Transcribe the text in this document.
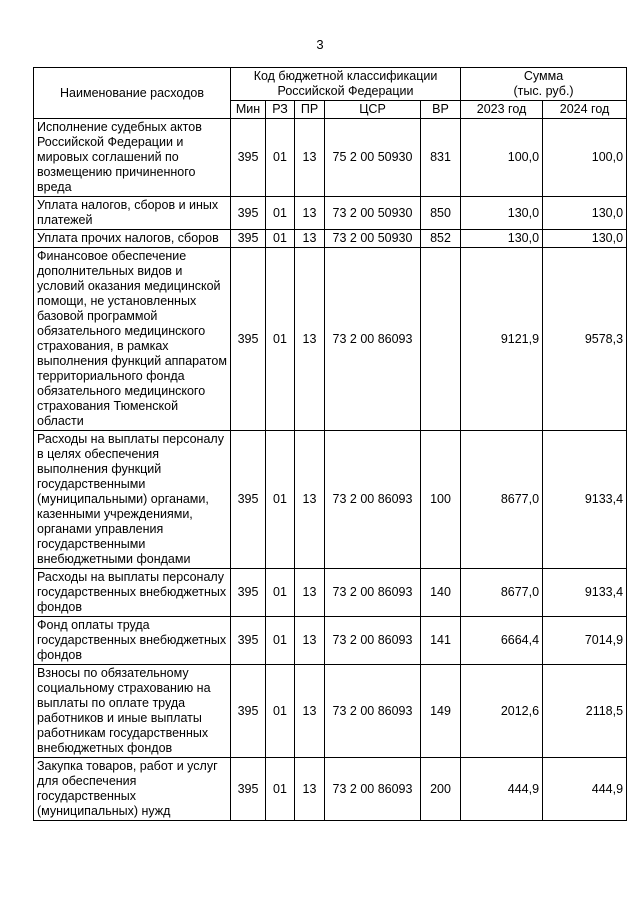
3
Наименование расходов	Код бюджетной классификации Российской Федерации					Сумма
(тыс. руб.)	

	Мин	РЗ	ПР	ЦСР	ВР	2023 год	2024 год
Исполнение судебных актов Российской Федерации и мировых соглашений по возмещению причиненного вреда	395	01	13	75 2 00 50930	831	100,0	100,0
Уплата налогов, сборов и иных платежей	395	01	13	73 2 00 50930	850	130,0	130,0
Уплата прочих налогов, сборов	395	01	13	73 2 00 50930	852	130,0	130,0
Финансовое обеспечение дополнительных видов и условий оказания медицинской помощи, не установленных базовой программой обязательного медицинского страхования, в рамках выполнения функций аппаратом территориального фонда обязательного медицинского страхования Тюменской области	395	01	13	73 2 00 86093		9121,9	9578,3
Расходы на выплаты персоналу в целях обеспечения выполнения функций государственными (муниципальными) органами, казенными учреждениями, органами управления государственными внебюджетными фондами	395	01	13	73 2 00 86093	100	8677,0	9133,4
Расходы на выплаты персоналу государственных внебюджетных фондов	395	01	13	73 2 00 86093	140	8677,0	9133,4
Фонд оплаты труда государственных внебюджетных фондов	395	01	13	73 2 00 86093	141	6664,4	7014,9
Взносы по обязательному социальному страхованию на выплаты по оплате труда работников и иные выплаты работникам государственных внебюджетных фондов	395	01	13	73 2 00 86093	149	2012,6	2118,5
Закупка товаров, работ и услуг для обеспечения государственных (муниципальных) нужд	395	01	13	73 2 00 86093	200	444,9	444,9
